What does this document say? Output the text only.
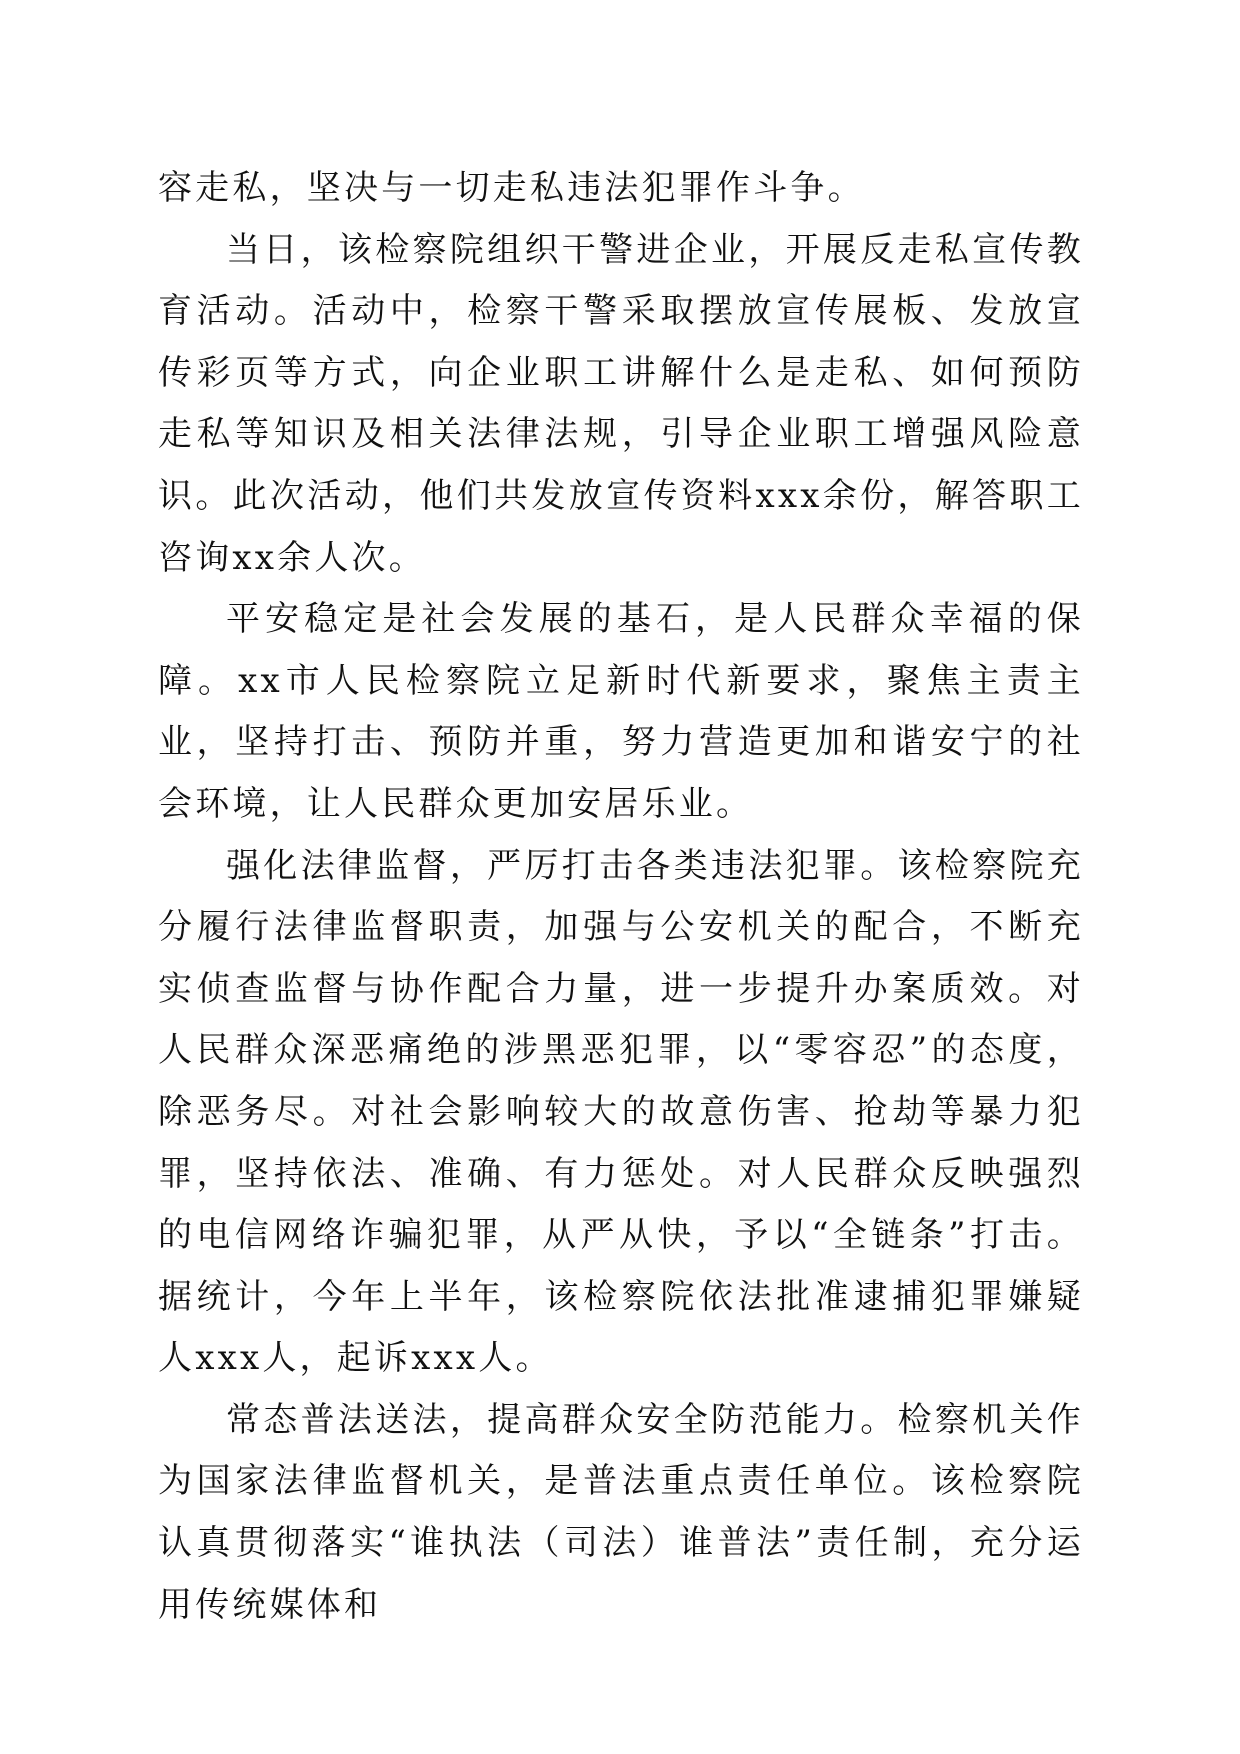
容走私，坚决与一切走私违法犯罪作斗争。

当日，该检察院组织干警进企业，开展反走私宣传教育活动。活动中，检察干警采取摆放宣传展板、发放宣传彩页等方式，向企业职工讲解什么是走私、如何预防走私等知识及相关法律法规，引导企业职工增强风险意识。此次活动，他们共发放宣传资料xxx余份，解答职工咨询xx余人次。

平安稳定是社会发展的基石，是人民群众幸福的保障。xx市人民检察院立足新时代新要求，聚焦主责主业，坚持打击、预防并重，努力营造更加和谐安宁的社会环境，让人民群众更加安居乐业。

强化法律监督，严厉打击各类违法犯罪。该检察院充分履行法律监督职责，加强与公安机关的配合，不断充实侦查监督与协作配合力量，进一步提升办案质效。对人民群众深恶痛绝的涉黑恶犯罪，以“零容忍”的态度，除恶务尽。对社会影响较大的故意伤害、抢劫等暴力犯罪，坚持依法、准确、有力惩处。对人民群众反映强烈的电信网络诈骗犯罪，从严从快，予以“全链条”打击。据统计，今年上半年，该检察院依法批准逮捕犯罪嫌疑人xxx人，起诉xxx人。

常态普法送法，提高群众安全防范能力。检察机关作为国家法律监督机关，是普法重点责任单位。该检察院认真贯彻落实“谁执法（司法）谁普法”责任制，充分运用传统媒体和
